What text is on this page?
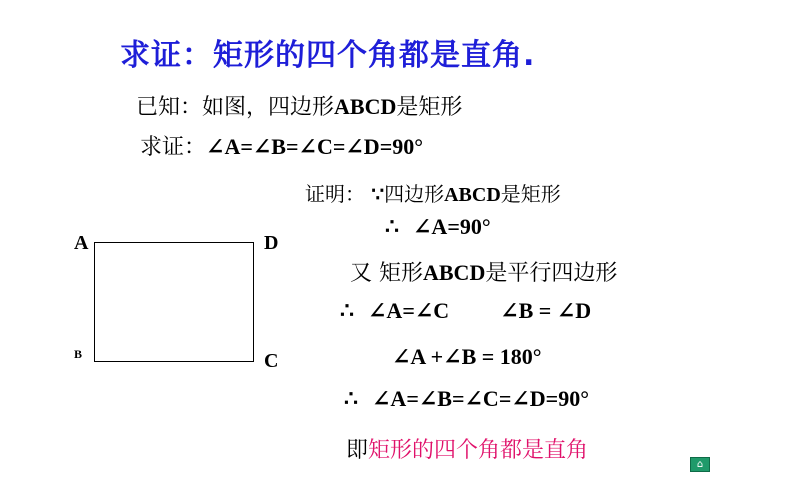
求证：矩形的四个角都是直角.
已知：如图，四边形ABCD是矩形
求证：∠A=∠B=∠C=∠D=90°
证明： ∵四边形ABCD是矩形
∴ ∠A=90°
又 矩形ABCD是平行四边形
∴ ∠A=∠C ∠B = ∠D
∠A +∠B = 180°
∴ ∠A=∠B=∠C=∠D=90°
即矩形的四个角都是直角
A	D
B	C
⌂
